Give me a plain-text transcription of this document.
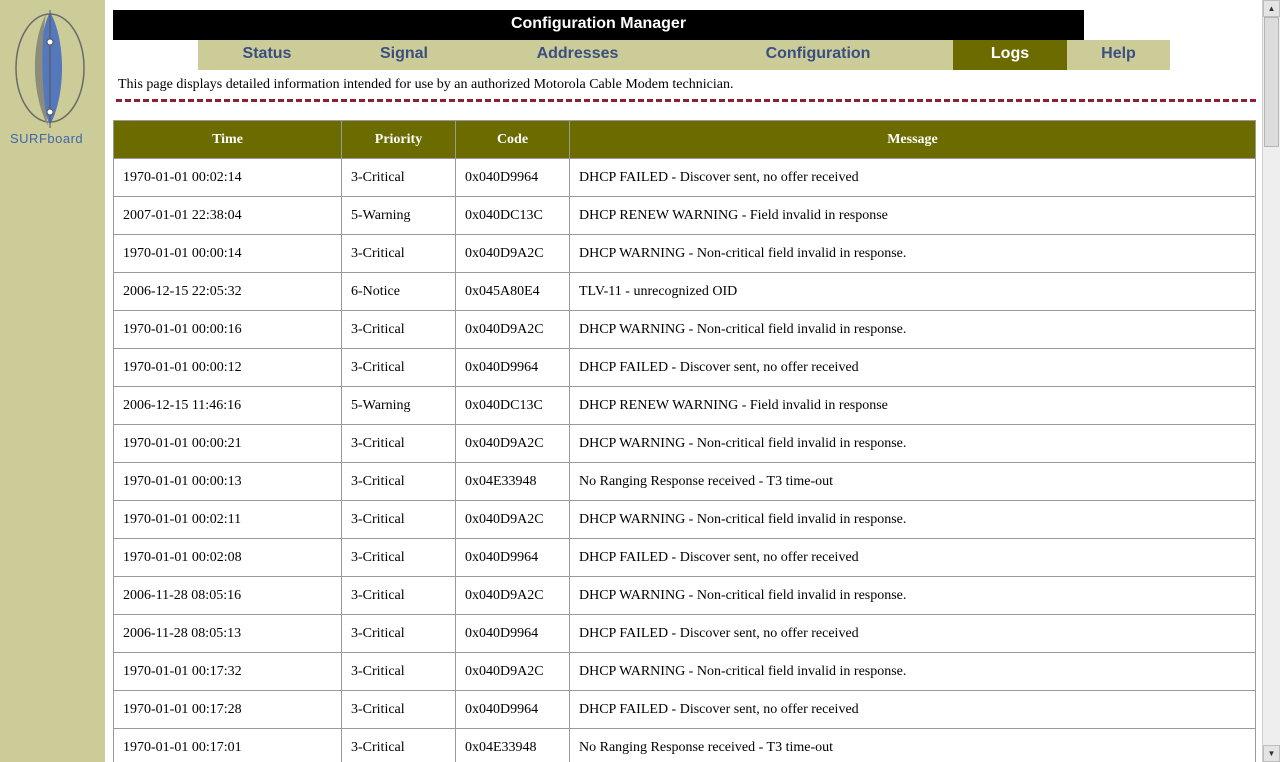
SURFboard
Configuration Manager
Status	Signal	Addresses	Configuration	Logs	Help
This page displays detailed information intended for use by an authorized Motorola Cable Modem technician.
Time	Priority	Code	Message
1970-01-01 00:02:14	3-Critical	0x040D9964	DHCP FAILED - Discover sent, no offer received
2007-01-01 22:38:04	5-Warning	0x040DC13C	DHCP RENEW WARNING - Field invalid in response
1970-01-01 00:00:14	3-Critical	0x040D9A2C	DHCP WARNING - Non-critical field invalid in response.
2006-12-15 22:05:32	6-Notice	0x045A80E4	TLV-11 - unrecognized OID
1970-01-01 00:00:16	3-Critical	0x040D9A2C	DHCP WARNING - Non-critical field invalid in response.
1970-01-01 00:00:12	3-Critical	0x040D9964	DHCP FAILED - Discover sent, no offer received
2006-12-15 11:46:16	5-Warning	0x040DC13C	DHCP RENEW WARNING - Field invalid in response
1970-01-01 00:00:21	3-Critical	0x040D9A2C	DHCP WARNING - Non-critical field invalid in response.
1970-01-01 00:00:13	3-Critical	0x04E33948	No Ranging Response received - T3 time-out
1970-01-01 00:02:11	3-Critical	0x040D9A2C	DHCP WARNING - Non-critical field invalid in response.
1970-01-01 00:02:08	3-Critical	0x040D9964	DHCP FAILED - Discover sent, no offer received
2006-11-28 08:05:16	3-Critical	0x040D9A2C	DHCP WARNING - Non-critical field invalid in response.
2006-11-28 08:05:13	3-Critical	0x040D9964	DHCP FAILED - Discover sent, no offer received
1970-01-01 00:17:32	3-Critical	0x040D9A2C	DHCP WARNING - Non-critical field invalid in response.
1970-01-01 00:17:28	3-Critical	0x040D9964	DHCP FAILED - Discover sent, no offer received
1970-01-01 00:17:01	3-Critical	0x04E33948	No Ranging Response received - T3 time-out
▲
▼
